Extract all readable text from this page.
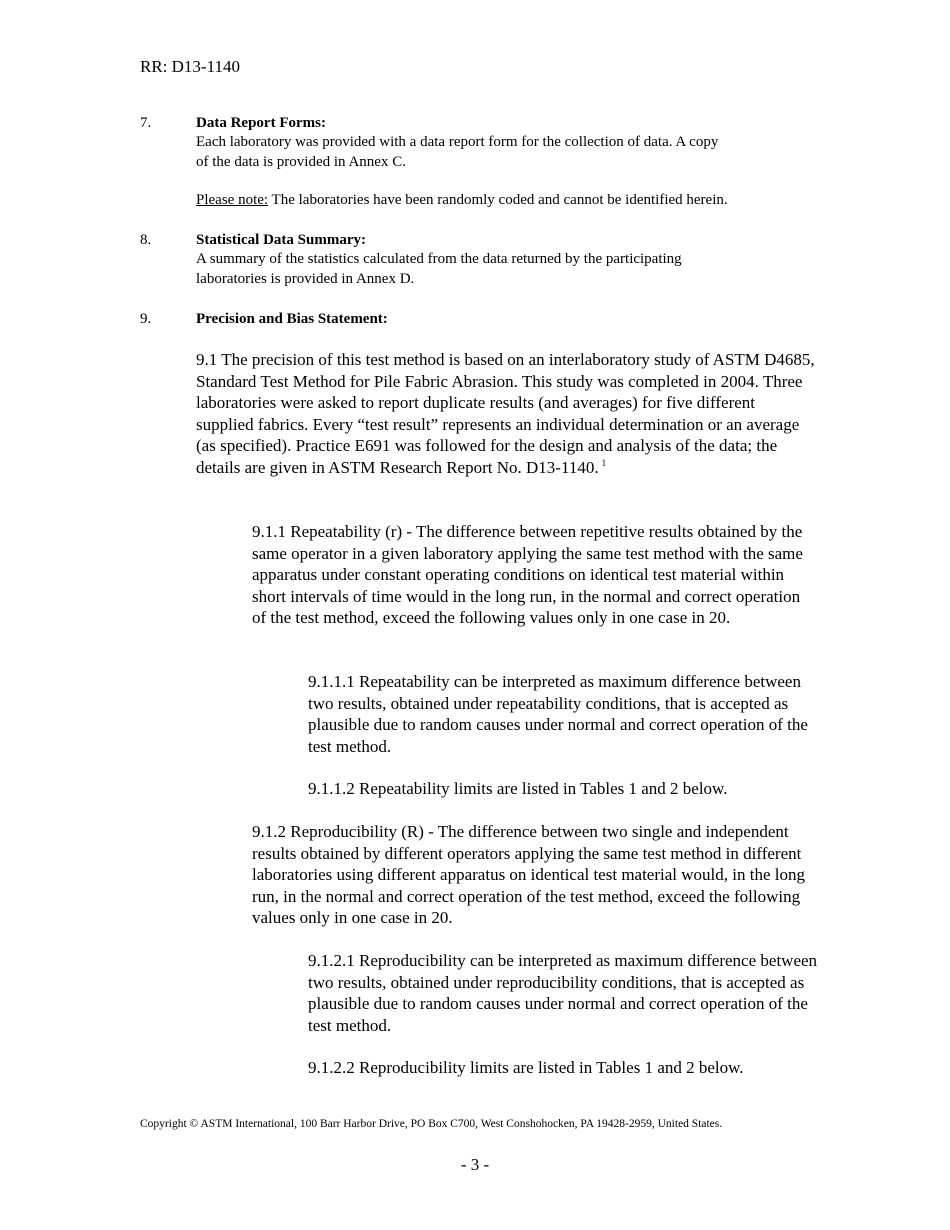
RR: D13-1140
7.	Data Report Forms:
Each laboratory was provided with a data report form for the collection of data. A copy
of the data is provided in Annex C.
Please note: The laboratories have been randomly coded and cannot be identified herein.
8.	Statistical Data Summary:
A summary of the statistics calculated from the data returned by the participating
laboratories is provided in Annex D.
9.	Precision and Bias Statement:
9.1 The precision of this test method is based on an interlaboratory study of ASTM D4685, Standard Test Method for Pile Fabric Abrasion. This study was completed in 2004. Three laboratories were asked to report duplicate results (and averages) for five different supplied fabrics. Every “test result” represents an individual determination or an average (as specified). Practice E691 was followed for the design and analysis of the data; the details are given in ASTM Research Report No. D13-1140. $^1$
9.1.1 Repeatability (r) - The difference between repetitive results obtained by the same operator in a given laboratory applying the same test method with the same apparatus under constant operating conditions on identical test material within short intervals of time would in the long run, in the normal and correct operation of the test method, exceed the following values only in one case in 20.
9.1.1.1 Repeatability can be interpreted as maximum difference between two results, obtained under repeatability conditions, that is accepted as plausible due to random causes under normal and correct operation of the test method.
9.1.1.2 Repeatability limits are listed in Tables 1 and 2 below.
9.1.2 Reproducibility (R) - The difference between two single and independent results obtained by different operators applying the same test method in different laboratories using different apparatus on identical test material would, in the long run, in the normal and correct operation of the test method, exceed the following values only in one case in 20.
9.1.2.1 Reproducibility can be interpreted as maximum difference between two results, obtained under reproducibility conditions, that is accepted as plausible due to random causes under normal and correct operation of the test method.
9.1.2.2 Reproducibility limits are listed in Tables 1 and 2 below.
Copyright © ASTM International, 100 Barr Harbor Drive, PO Box C700, West Conshohocken, PA 19428-2959, United States.
- 3 -
